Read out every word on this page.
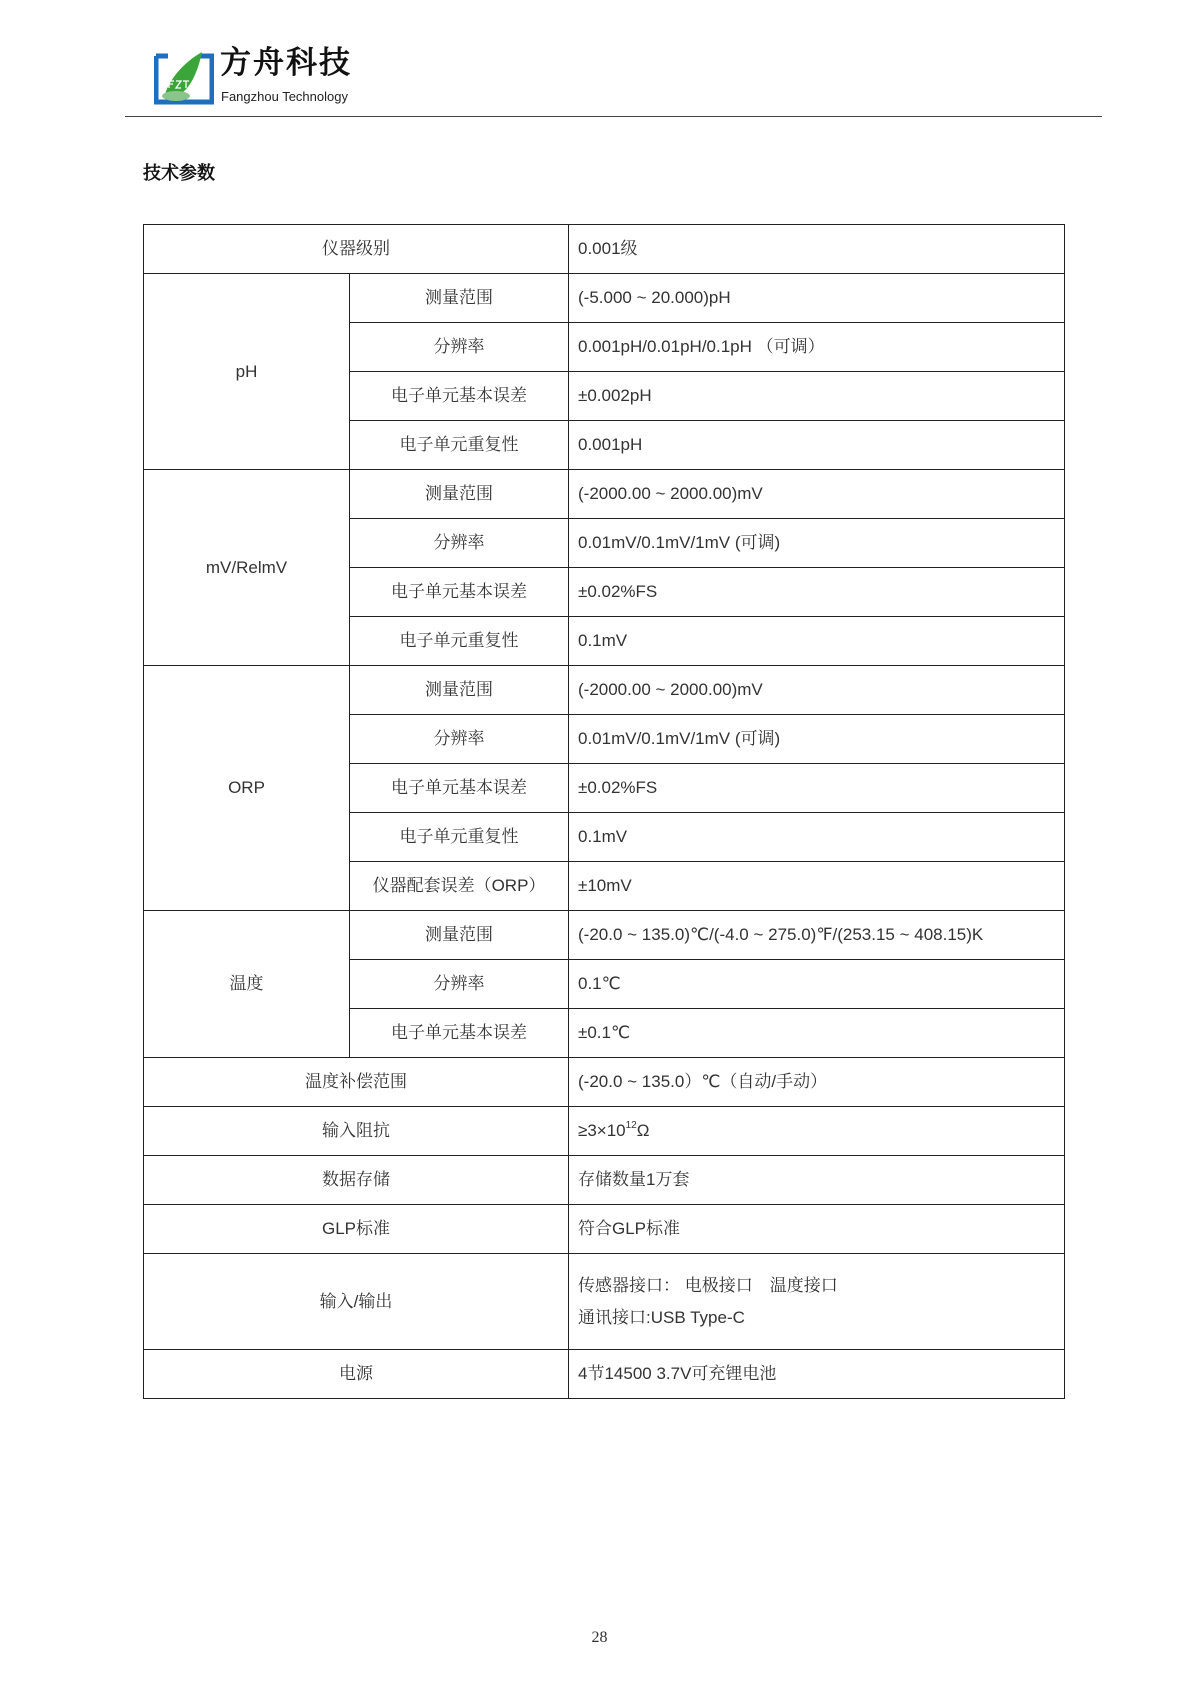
方舟科技
Fangzhou Technology
技术参数
仪器级别		0.001级
pH	测量范围	(-5.000 ~ 20.000)pH
	分辨率	0.001pH/0.01pH/0.1pH （可调）
	电子单元基本误差	±0.002pH
	电子单元重复性	0.001pH
mV/RelmV	测量范围	(-2000.00 ~ 2000.00)mV
	分辨率	0.01mV/0.1mV/1mV (可调)
	电子单元基本误差	±0.02%FS
	电子单元重复性	0.1mV
ORP	测量范围	(-2000.00 ~ 2000.00)mV
	分辨率	0.01mV/0.1mV/1mV (可调)
	电子单元基本误差	±0.02%FS
	电子单元重复性	0.1mV
	仪器配套误差（ORP）	±10mV
温度	测量范围	(-20.0 ~ 135.0)℃/(-4.0 ~ 275.0)℉/(253.15 ~ 408.15)K
	分辨率	0.1℃
	电子单元基本误差	±0.1℃
温度补偿范围		(-20.0 ~ 135.0）℃（自动/手动）
输入阻抗		≥3×1012Ω
数据存储		存储数量1万套
GLP标准		符合GLP标准
输入/输出		传感器接口： 电极接口　温度接口
通讯接口:USB Type-C

电源		4节14500 3.7V可充锂电池
28
